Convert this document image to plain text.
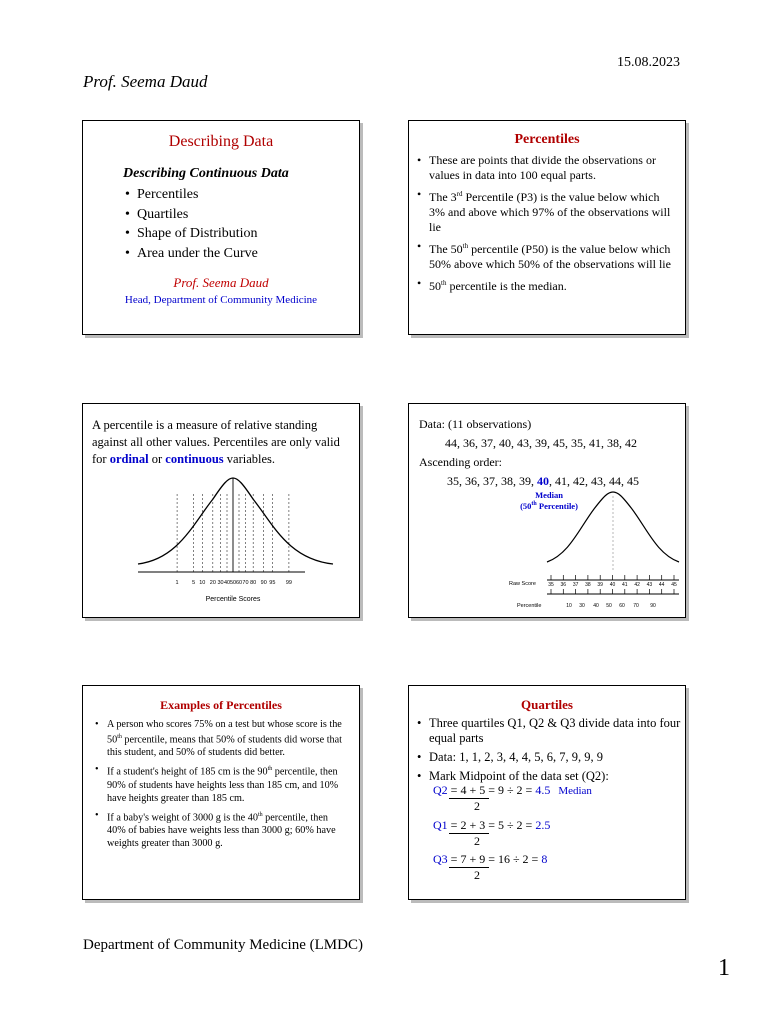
15.08.2023
Prof. Seema Daud
Describing Data
Describing Continuous Data
• Percentiles
• Quartiles
• Shape of Distribution
• Area under the Curve
Prof. Seema Daud
Head, Department of Community Medicine
Percentiles
• These are points that divide the observations or values in data into 100 equal parts.
• The 3rd Percentile (P3) is the value below which 3% and above which 97% of the observations will lie
• The 50th percentile (P50) is the value below which 50% above which 50% of the observations will lie
• 50th percentile is the median.
A percentile is a measure of relative standing against all other values. Percentiles are only valid for ordinal or continuous variables.
1 5 10 20 30 40 50 60 70 80 90 95 99
Percentile Scores
Data: (11 observations)
44, 36, 37, 40, 43, 39, 45, 35, 41, 38, 42
Ascending order:
35, 36, 37, 38, 39, 40, 41, 42, 43, 44, 45
Median
(50th Percentile)
Raw Score
Percentile
35 36 37 38 39 40 41 42 43 44 45
10 30 40 50 60 70 90
Examples of Percentiles
• A person who scores 75% on a test but whose score is the 50th percentile, means that 50% of students did worse that this student, and 50% of students did better.
• If a student's height of 185 cm is the 90th percentile, then 90% of students have heights less than 185 cm, and 10% have heights greater than 185 cm.
• If a baby's weight of 3000 g is the 40th percentile, then 40% of babies have weights less than 3000 g; 60% have weights greater than 3000 g.
Quartiles
• Three quartiles Q1, Q2 & Q3 divide data into four equal parts
• Data: 1, 1, 2, 3, 4, 4, 5, 6, 7, 9, 9, 9
• Mark Midpoint of the data set (Q2):
Q2 = 4 + 5 = 9 ÷ 2 = 4.5 Median
2
Q1 = 2 + 3 = 5 ÷ 2 = 2.5
2
Q3 = 7 + 9 = 16 ÷ 2 = 8
2
Department of Community Medicine (LMDC)
1
